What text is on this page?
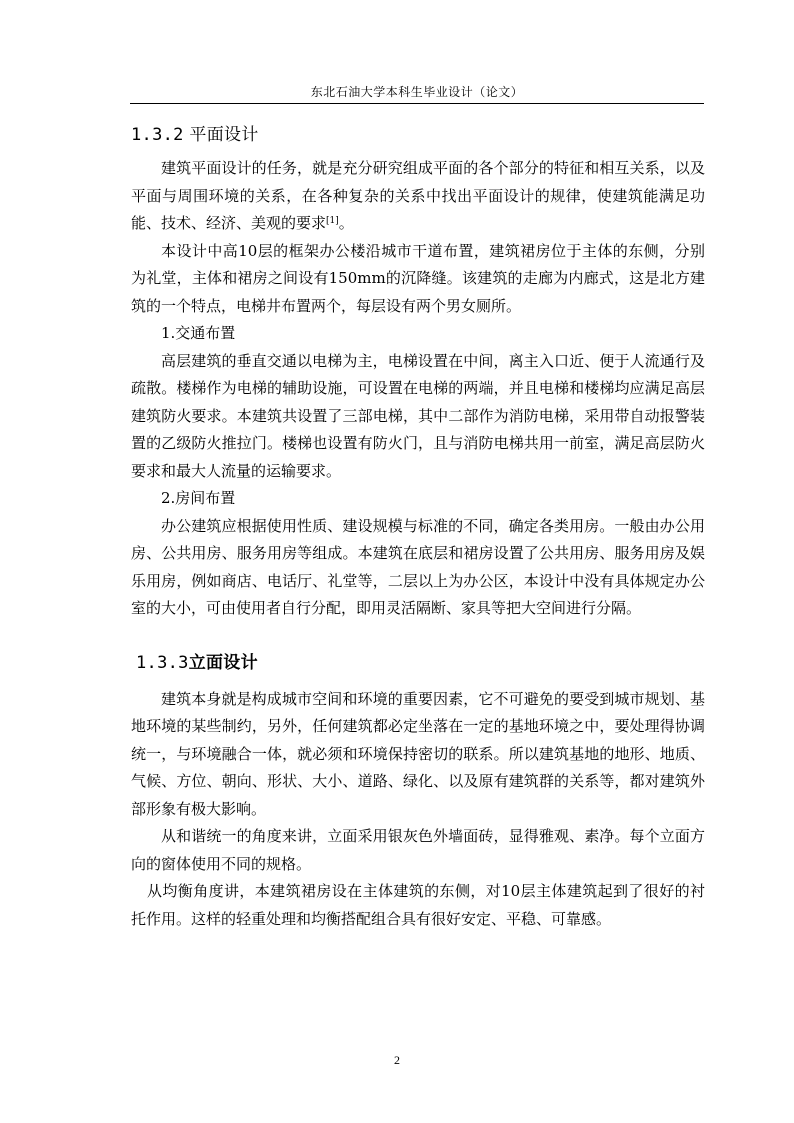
东北石油大学本科生毕业设计（论文）
1.3.2 平面设计

建筑平面设计的任务，就是充分研究组成平面的各个部分的特征和相互关系，以及平面与周围环境的关系，在各种复杂的关系中找出平面设计的规律，使建筑能满足功能、技术、经济、美观的要求[1]。

本设计中高10层的框架办公楼沿城市干道布置，建筑裙房位于主体的东侧，分别为礼堂，主体和裙房之间设有150mm的沉降缝。该建筑的走廊为内廊式，这是北方建筑的一个特点，电梯井布置两个，每层设有两个男女厕所。

1.交通布置

高层建筑的垂直交通以电梯为主，电梯设置在中间，离主入口近、便于人流通行及疏散。楼梯作为电梯的辅助设施，可设置在电梯的两端，并且电梯和楼梯均应满足高层建筑防火要求。本建筑共设置了三部电梯，其中二部作为消防电梯，采用带自动报警装置的乙级防火推拉门。楼梯也设置有防火门，且与消防电梯共用一前室，满足高层防火要求和最大人流量的运输要求。

2.房间布置

办公建筑应根据使用性质、建设规模与标准的不同，确定各类用房。一般由办公用房、公共用房、服务用房等组成。本建筑在底层和裙房设置了公共用房、服务用房及娱乐用房，例如商店、电话厅、礼堂等，二层以上为办公区，本设计中没有具体规定办公室的大小，可由使用者自行分配，即用灵活隔断、家具等把大空间进行分隔。

1.3.3立面设计

建筑本身就是构成城市空间和环境的重要因素，它不可避免的要受到城市规划、基地环境的某些制约，另外，任何建筑都必定坐落在一定的基地环境之中，要处理得协调统一，与环境融合一体，就必须和环境保持密切的联系。所以建筑基地的地形、地质、气候、方位、朝向、形状、大小、道路、绿化、以及原有建筑群的关系等，都对建筑外部形象有极大影响。

从和谐统一的角度来讲，立面采用银灰色外墙面砖，显得雅观、素净。每个立面方向的窗体使用不同的规格。

从均衡角度讲，本建筑裙房设在主体建筑的东侧，对10层主体建筑起到了很好的衬托作用。这样的轻重处理和均衡搭配组合具有很好安定、平稳、可靠感。

2
